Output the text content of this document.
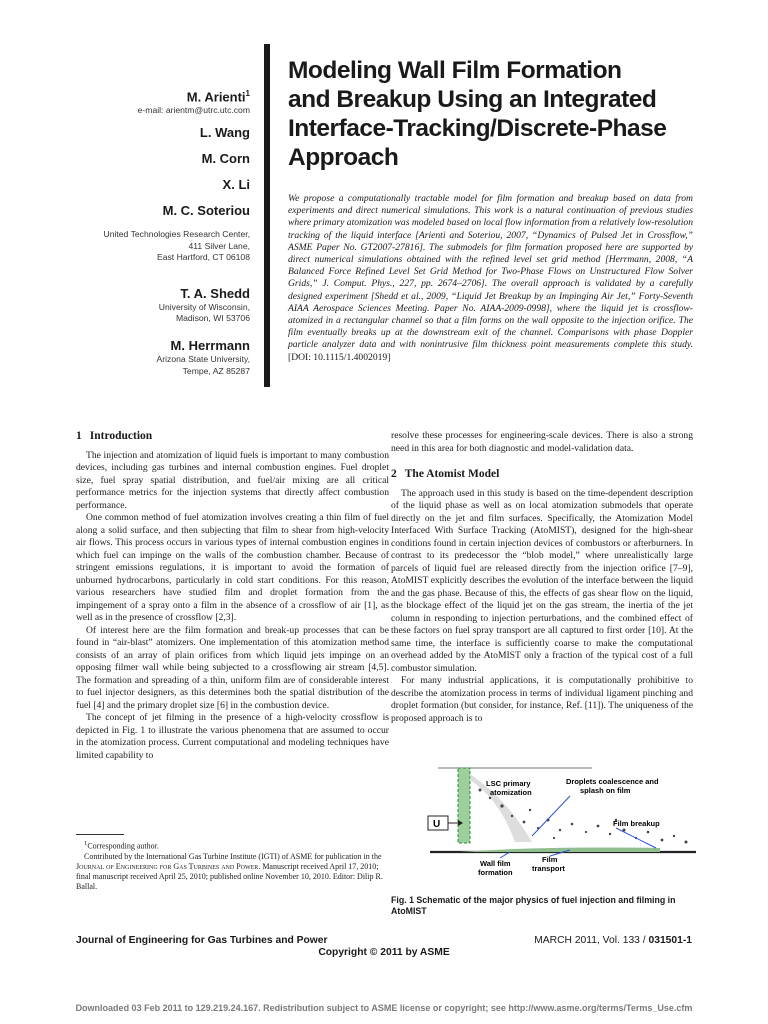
M. Arienti$^1$

e-mail: arientm@utrc.utc.com

L. Wang

M. Corn

X. Li

M. C. Soteriou

United Technologies Research Center,

411 Silver Lane,

East Hartford, CT 06108

T. A. Shedd

University of Wisconsin,

Madison, WI 53706

M. Herrmann

Arizona State University,

Tempe, AZ 85287

Modeling Wall Film Formation
and Breakup Using an Integrated
Interface-Tracking/Discrete-Phase
Approach

We propose a computationally tractable model for film formation and breakup based on data from experiments and direct numerical simulations. This work is a natural continuation of previous studies where primary atomization was modeled based on local flow information from a relatively low-resolution tracking of the liquid interface [Arienti and Soteriou, 2007, “Dynamics of Pulsed Jet in Crossflow,” ASME Paper No. GT2007-27816]. The submodels for film formation proposed here are supported by direct numerical simulations obtained with the refined level set grid method [Herrmann, 2008, “A Balanced Force Refined Level Set Grid Method for Two-Phase Flows on Unstructured Flow Solver Grids,” J. Comput. Phys., 227, pp. 2674–2706]. The overall approach is validated by a carefully designed experiment [Shedd et al., 2009, “Liquid Jet Breakup by an Impinging Air Jet,” Forty-Seventh AIAA Aerospace Sciences Meeting. Paper No. AIAA-2009-0998], where the liquid jet is crossflow-atomized in a rectangular channel so that a film forms on the wall opposite to the injection orifice. The film eventually breaks up at the downstream exit of the channel. Comparisons with phase Doppler particle analyzer data and with nonintrusive film thickness point measurements complete this study. [DOI: 10.1115/1.4002019]

1 Introduction

The injection and atomization of liquid fuels is important to many combustion devices, including gas turbines and internal combustion engines. Fuel droplet size, fuel spray spatial distribution, and fuel/air mixing are all critical performance metrics for the injection systems that directly affect combustion performance.

One common method of fuel atomization involves creating a thin film of fuel along a solid surface, and then subjecting that film to shear from high-velocity air flows. This process occurs in various types of internal combustion engines in which fuel can impinge on the walls of the combustion chamber. Because of stringent emissions regulations, it is important to avoid the formation of unburned hydrocarbons, particularly in cold start conditions. For this reason, various researchers have studied film and droplet formation from the impingement of a spray onto a film in the absence of a crossflow of air [1], as well as in the presence of crossflow [2,3].

Of interest here are the film formation and break-up processes that can be found in “air-blast” atomizers. One implementation of this atomization method consists of an array of plain orifices from which liquid jets impinge on an opposing filmer wall while being subjected to a crossflowing air stream [4,5]. The formation and spreading of a thin, uniform film are of considerable interest to fuel injector designers, as this determines both the spatial distribution of the fuel [4] and the primary droplet size [6] in the combustion device.

The concept of jet filming in the presence of a high-velocity crossflow is depicted in Fig. 1 to illustrate the various phenomena that are assumed to occur in the atomization process. Current computational and modeling techniques have limited capability to

resolve these processes for engineering-scale devices. There is also a strong need in this area for both diagnostic and model-validation data.

2 The Atomist Model

The approach used in this study is based on the time-dependent description of the liquid phase as well as on local atomization submodels that operate directly on the jet and film surfaces. Specifically, the Atomization Model Interfaced With Surface Tracking (AtoMIST), designed for the high-shear conditions found in certain injection devices of combustors or afterburners. In contrast to its predecessor the “blob model,” where unrealistically large parcels of liquid fuel are released directly from the injection orifice [7–9], AtoMIST explicitly describes the evolution of the interface between the liquid and the gas phase. Because of this, the effects of gas shear flow on the liquid, the blockage effect of the liquid jet on the gas stream, the inertia of the jet column in responding to injection perturbations, and the combined effect of these factors on fuel spray transport are all captured to first order [10]. At the same time, the interface is sufficiently coarse to make the computational overhead added by the AtoMIST only a fraction of the typical cost of a full combustor simulation.

For many industrial applications, it is computationally prohibitive to describe the atomization process in terms of individual ligament pinching and droplet formation (but consider, for instance, Ref. [11]). The uniqueness of the proposed approach is to

U
LSC primary atomization
Droplets coalescence and splash on film
Film breakup
Wall film formation
Film transport

Fig. 1 Schematic of the major physics of fuel injection and filming in AtoMIST

$^1$Corresponding author.

Contributed by the International Gas Turbine Institute (IGTI) of ASME for publication in the Journal of Engineering for Gas Turbines and Power. Manuscript received April 17, 2010; final manuscript received April 25, 2010; published online November 10, 2010. Editor: Dilip R. Ballal.

Journal of Engineering for Gas Turbines and Power	MARCH 2011, Vol. 133 / 031501-1
Copyright © 2011 by ASME
Downloaded 03 Feb 2011 to 129.219.24.167. Redistribution subject to ASME license or copyright; see http://www.asme.org/terms/Terms_Use.cfm
